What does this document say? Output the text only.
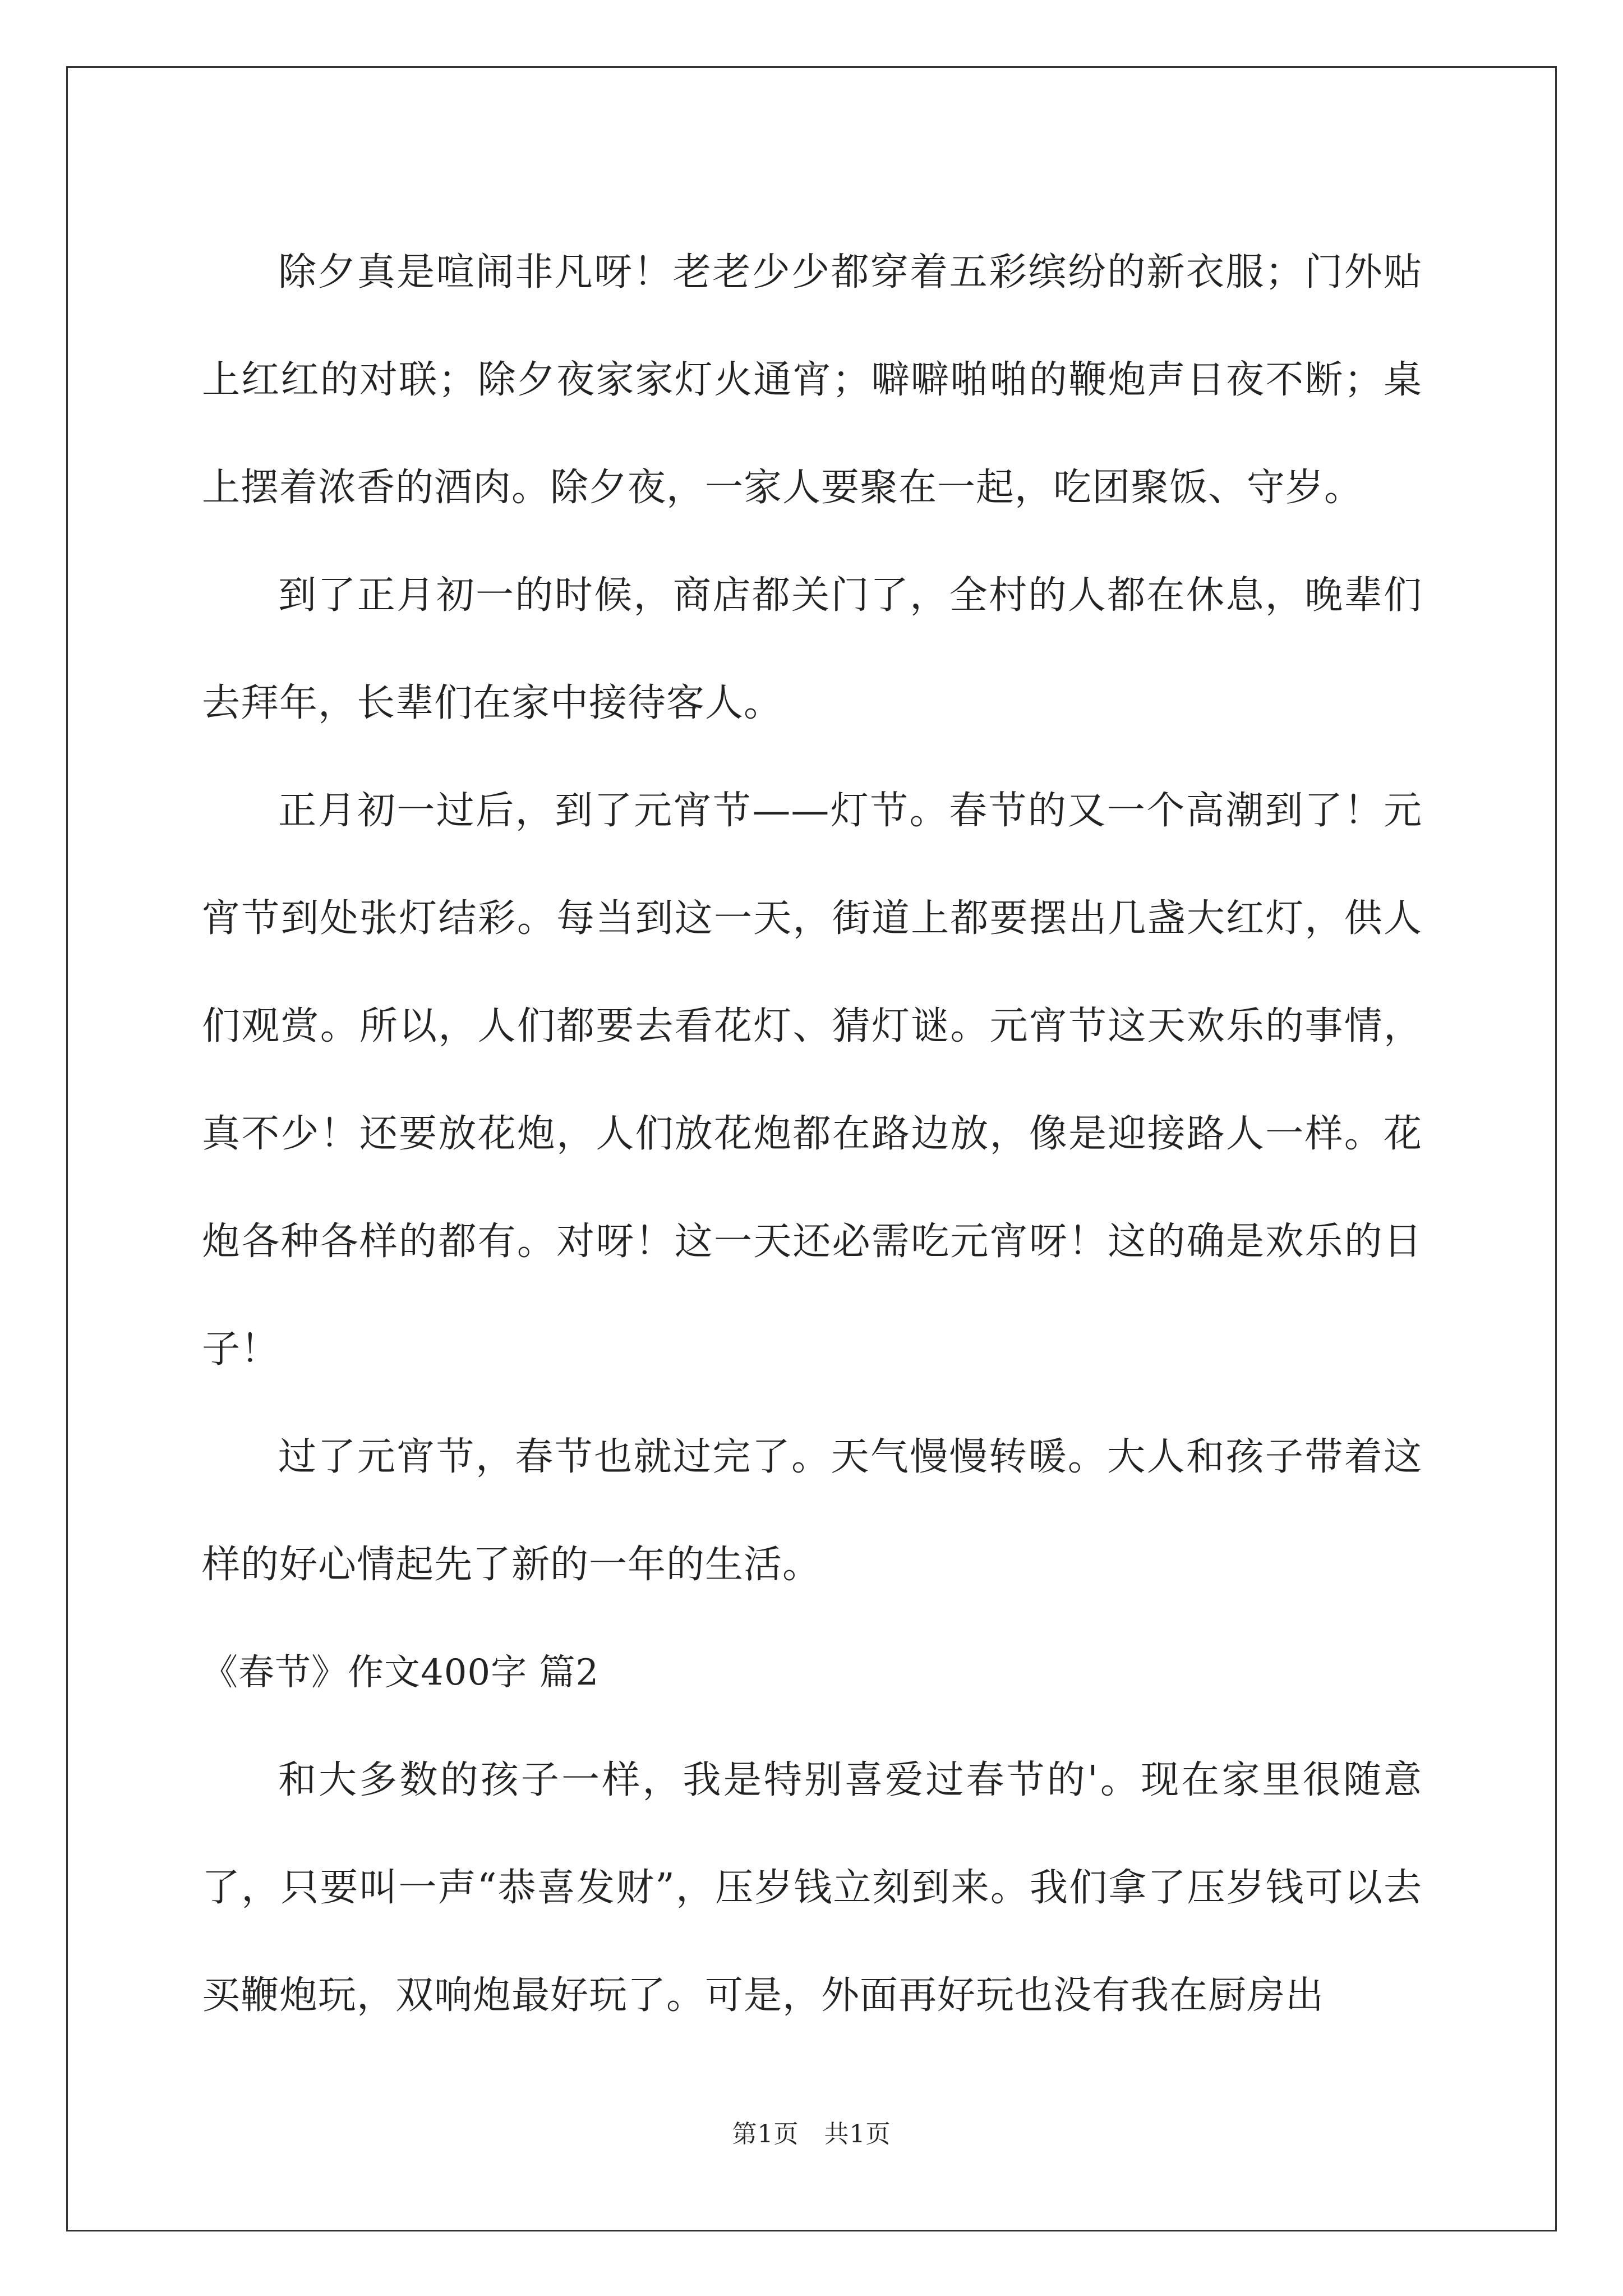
除夕真是喧闹非凡呀！老老少少都穿着五彩缤纷的新衣服；门外贴上红红的对联；除夕夜家家灯火通宵；噼噼啪啪的鞭炮声日夜不断；桌上摆着浓香的酒肉。除夕夜，一家人要聚在一起，吃团聚饭、守岁。

到了正月初一的时候，商店都关门了，全村的人都在休息，晚辈们去拜年，长辈们在家中接待客人。

正月初一过后，到了元宵节——灯节。春节的又一个高潮到了！元宵节到处张灯结彩。每当到这一天，街道上都要摆出几盏大红灯，供人们观赏。所以，人们都要去看花灯、猜灯谜。元宵节这天欢乐的事情，真不少！还要放花炮，人们放花炮都在路边放，像是迎接路人一样。花炮各种各样的都有。对呀！这一天还必需吃元宵呀！这的确是欢乐的日子！

过了元宵节，春节也就过完了。天气慢慢转暖。大人和孩子带着这样的好心情起先了新的一年的生活。

《春节》作文400字 篇2

和大多数的孩子一样，我是特别喜爱过春节的'。现在家里很随意了，只要叫一声“恭喜发财”，压岁钱立刻到来。我们拿了压岁钱可以去买鞭炮玩，双响炮最好玩了。可是，外面再好玩也没有我在厨房出

第1页　共1页
